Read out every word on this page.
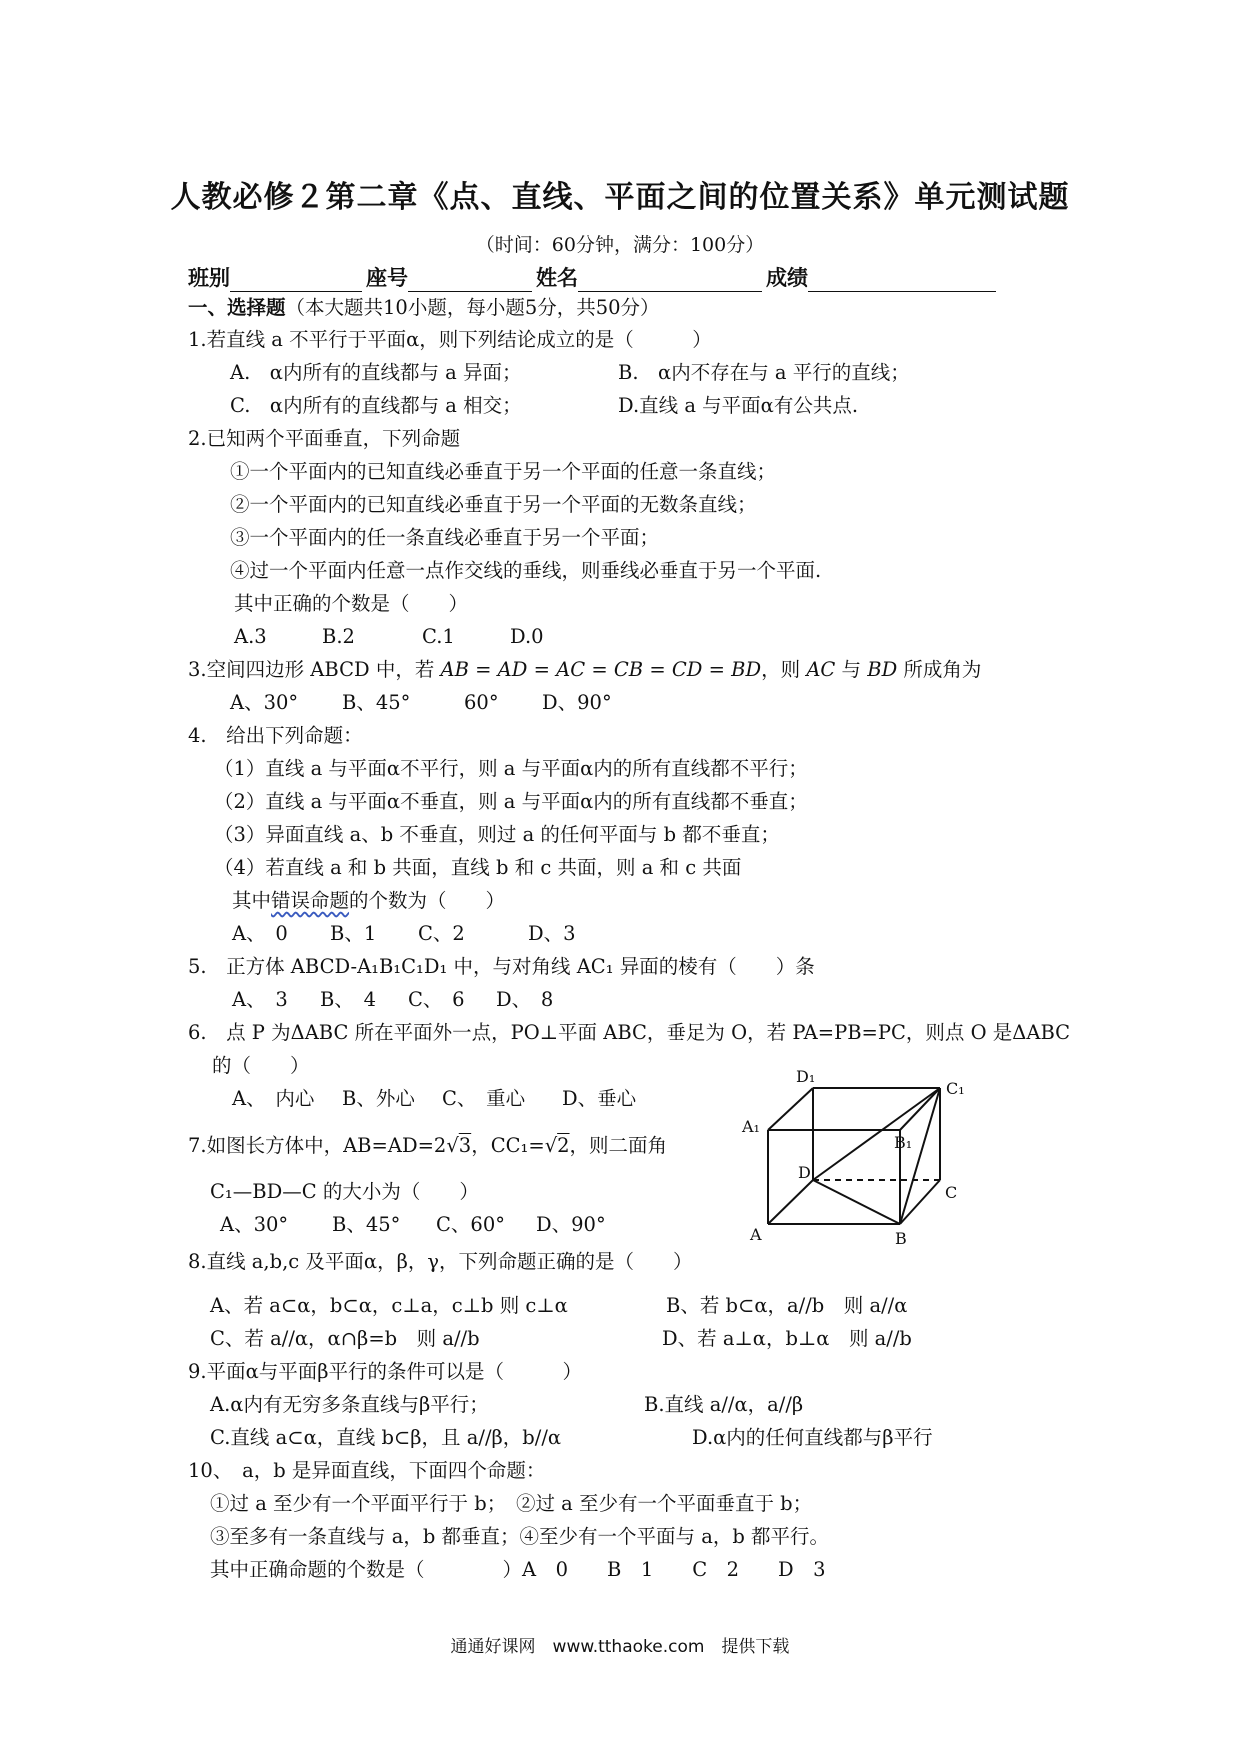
人教必修２第二章《点、直线、平面之间的位置关系》单元测试题
（时间：60分钟，满分：100分）
班别	座号	姓名	成绩
一、选择题（本大题共10小题，每小题5分，共50分）
1.若直线 a 不平行于平面α，则下列结论成立的是（　　　）
A.　α内所有的直线都与 a 异面；	B.　α内不存在与 a 平行的直线；
C.　α内所有的直线都与 a 相交；	D.直线 a 与平面α有公共点.
2.已知两个平面垂直，下列命题
①一个平面内的已知直线必垂直于另一个平面的任意一条直线；
②一个平面内的已知直线必垂直于另一个平面的无数条直线；
③一个平面内的任一条直线必垂直于另一个平面；
④过一个平面内任意一点作交线的垂线，则垂线必垂直于另一个平面.
其中正确的个数是（　　）
A.3	B.2	C.1	D.0
3.空间四边形 ABCD 中，若 AB = AD = AC = CB = CD = BD，则 AC 与 BD 所成角为
A、30° B、45°	60° D、90°
4.　给出下列命题：
（1）直线 a 与平面α不平行，则 a 与平面α内的所有直线都不平行；
（2）直线 a 与平面α不垂直，则 a 与平面α内的所有直线都不垂直；
（3）异面直线 a、b 不垂直，则过 a 的任何平面与 b 都不垂直；
（4）若直线 a 和 b 共面，直线 b 和 c 共面，则 a 和 c 共面
其中错误命题的个数为（　　）
A、　0 B、1 C、2	D、3
5.　正方体 ABCD-A₁B₁C₁D₁ 中，与对角线 AC₁ 异面的棱有（　　）条
A、　3 B、　4 C、　6 D、　8
6.　点 P 为ΔABC 所在平面外一点，PO⊥平面 ABC，垂足为 O，若 PA=PB=PC，则点 O 是ΔABC
的（　　）
A、　内心 B、外心 C、　重心 D、垂心
7.如图长方体中，AB=AD=2√3，CC₁=√2，则二面角
C₁—BD—C 的大小为（　　）
A、30° B、45° C、60° D、90°
D₁
C₁
A₁
B₁
D
C
A	B
8.直线 a,b,c 及平面α，β，γ，下列命题正确的是（　　）
A、若 a⊂α，b⊂α，c⊥a，c⊥b 则 c⊥α	B、若 b⊂α，a//b　则 a//α
C、若 a//α，α∩β=b　则 a//b	D、若 a⊥α，b⊥α　则 a//b
9.平面α与平面β平行的条件可以是（　　　）
A.α内有无穷多条直线与β平行；	B.直线 a//α，a//β
C.直线 a⊂α，直线 b⊂β，且 a//β，b//α	D.α内的任何直线都与β平行
10、　a，b 是异面直线，下面四个命题：
①过 a 至少有一个平面平行于 b；　②过 a 至少有一个平面垂直于 b；
③至多有一条直线与 a，b 都垂直；④至少有一个平面与 a，b 都平行。
其中正确命题的个数是（　　　　）A　0　　B　1　　C　2　　D　3
通通好课网　www.tthaoke.com　提供下载
